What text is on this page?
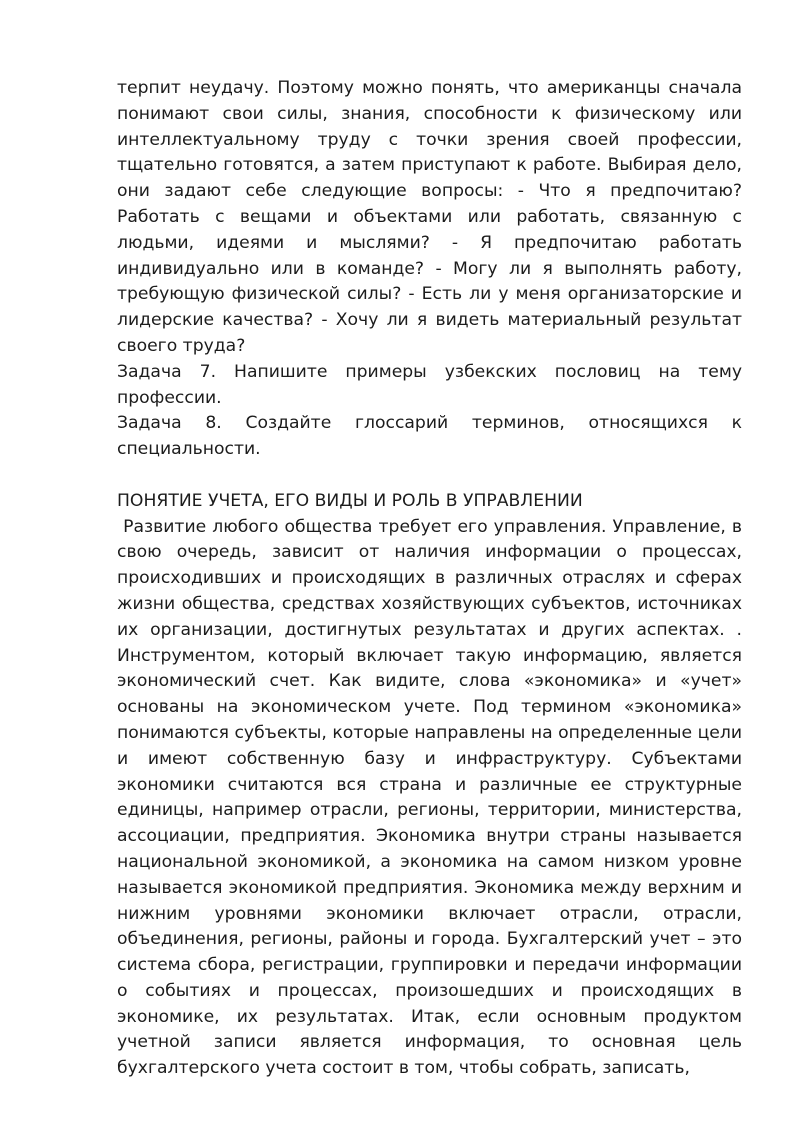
терпит неудачу. Поэтому можно понять, что американцы сначала понимают свои силы, знания, способности к физическому или интеллектуальному труду с точки зрения своей профессии, тщательно готовятся, а затем приступают к работе. Выбирая дело, они задают себе следующие вопросы: - Что я предпочитаю? Работать с вещами и объектами или работать, связанную с людьми, идеями и мыслями? - Я предпочитаю работать индивидуально или в команде? - Могу ли я выполнять работу, требующую физической силы? - Есть ли у меня организаторские и лидерские качества? - Хочу ли я видеть материальный результат своего труда?

Задача 7. Напишите примеры узбекских пословиц на тему профессии.

Задача 8. Создайте глоссарий терминов, относящихся к специальности.

ПОНЯТИЕ УЧЕТА, ЕГО ВИДЫ И РОЛЬ В УПРАВЛЕНИИ

Развитие любого общества требует его управления. Управление, в свою очередь, зависит от наличия информации о процессах, происходивших и происходящих в различных отраслях и сферах жизни общества, средствах хозяйствующих субъектов, источниках их организации, достигнутых результатах и других аспектах. . Инструментом, который включает такую информацию, является экономический счет. Как видите, слова «экономика» и «учет» основаны на экономическом учете. Под термином «экономика» понимаются субъекты, которые направлены на определенные цели и имеют собственную базу и инфраструктуру. Субъектами экономики считаются вся страна и различные ее структурные единицы, например отрасли, регионы, территории, министерства, ассоциации, предприятия. Экономика внутри страны называется национальной экономикой, а экономика на самом низком уровне называется экономикой предприятия. Экономика между верхним и нижним уровнями экономики включает отрасли, отрасли, объединения, регионы, районы и города. Бухгалтерский учет – это система сбора, регистрации, группировки и передачи информации о событиях и процессах, произошедших и происходящих в экономике, их результатах. Итак, если основным продуктом учетной записи является информация, то основная цель бухгалтерского учета состоит в том, чтобы собрать, записать,
